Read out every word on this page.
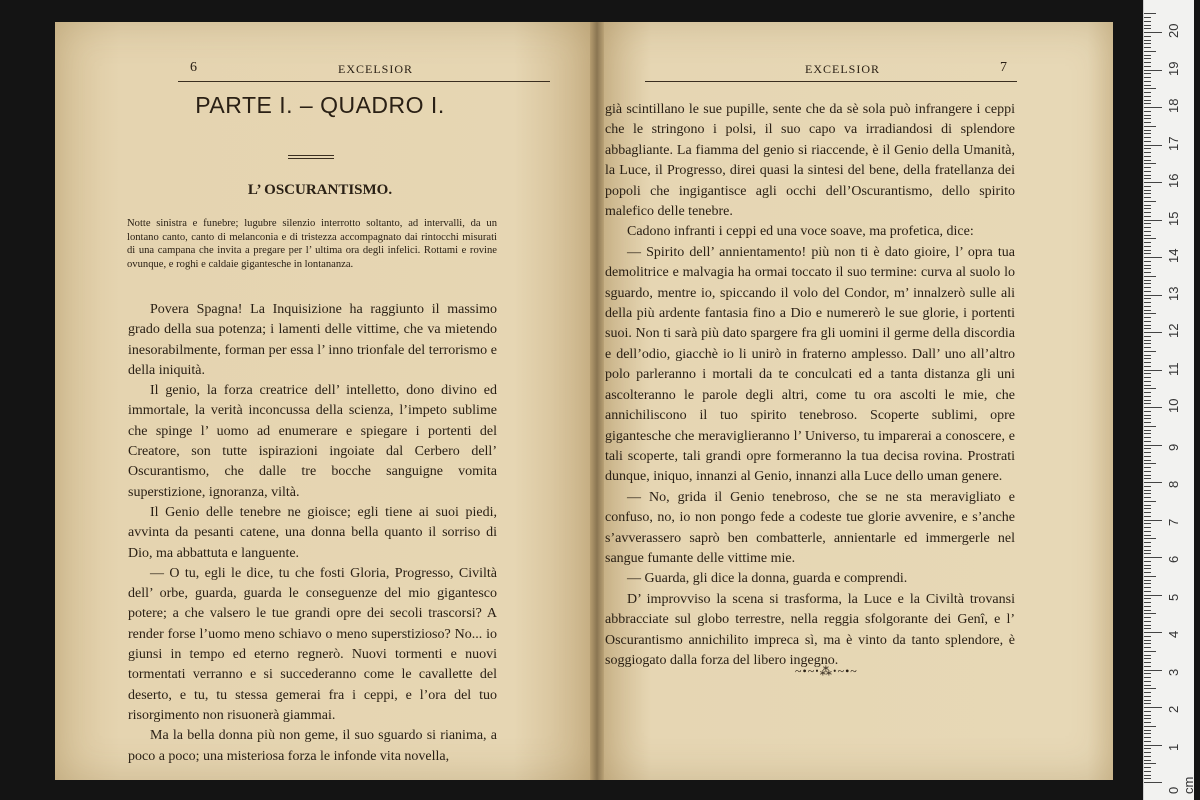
6	EXCELSIOR
PARTE I. – QUADRO I.
L’ OSCURANTISMO.
Notte sinistra e funebre; lugubre silenzio interrotto soltanto, ad intervalli, da un lontano canto, canto di melanconia e di tristezza accompagnato dai rintocchi misurati di una campana che invita a pregare per l’ ultima ora degli infelici. Rottami e rovine ovunque, e roghi e caldaie gigantesche in lontananza.

Povera Spagna! La Inquisizione ha raggiunto il massimo grado della sua potenza; i lamenti delle vittime, che va mietendo inesorabilmente, forman per essa l’ inno trionfale del terrorismo e della iniquità.

Il genio, la forza creatrice dell’ intelletto, dono divino ed immortale, la verità inconcussa della scienza, l’impeto sublime che spinge l’ uomo ad enumerare e spiegare i portenti del Creatore, son tutte ispirazioni ingoiate dal Cerbero dell’ Oscurantismo, che dalle tre bocche sanguigne vomita superstizione, ignoranza, viltà.

Il Genio delle tenebre ne gioisce; egli tiene ai suoi piedi, avvinta da pesanti catene, una donna bella quanto il sorriso di Dio, ma abbattuta e languente.

— O tu, egli le dice, tu che fosti Gloria, Progresso, Civiltà dell’ orbe, guarda, guarda le conseguenze del mio gigantesco potere; a che valsero le tue grandi opre dei secoli trascorsi? A render forse l’uomo meno schiavo o meno superstizioso? No... io giunsi in tempo ed eterno regnerò. Nuovi tormenti e nuovi tormentati verranno e si succederanno come le cavallette del deserto, e tu, tu stessa gemerai fra i ceppi, e l’ora del tuo risorgimento non risuonerà giammai.

Ma la bella donna più non geme, il suo sguardo si rianima, a poco a poco; una misteriosa forza le infonde vita novella,

EXCELSIOR	7

già scintillano le sue pupille, sente che da sè sola può infrangere i ceppi che le stringono i polsi, il suo capo va irradiandosi di splendore abbagliante. La fiamma del genio si riaccende, è il Genio della Umanità, la Luce, il Progresso, direi quasi la sintesi del bene, della fratellanza dei popoli che ingigantisce agli occhi dell’Oscurantismo, dello spirito malefico delle tenebre.

Cadono infranti i ceppi ed una voce soave, ma profetica, dice:

— Spirito dell’ annientamento! più non ti è dato gioire, l’ opra tua demolitrice e malvagia ha ormai toccato il suo termine: curva al suolo lo sguardo, mentre io, spiccando il volo del Condor, m’ innalzerò sulle ali della più ardente fantasia fino a Dio e numererò le sue glorie, i portenti suoi. Non ti sarà più dato spargere fra gli uomini il germe della discordia e dell’odio, giacchè io li unirò in fraterno amplesso. Dall’ uno all’altro polo parleranno i mortali da te conculcati ed a tanta distanza gli uni ascolteranno le parole degli altri, come tu ora ascolti le mie, che annichiliscono il tuo spirito tenebroso. Scoperte sublimi, opre gigantesche che meraviglieranno l’ Universo, tu imparerai a conoscere, e tali scoperte, tali grandi opre formeranno la tua decisa rovina. Prostrati dunque, iniquo, innanzi al Genio, innanzi alla Luce dello uman genere.

— No, grida il Genio tenebroso, che se ne sta meravigliato e confuso, no, io non pongo fede a codeste tue glorie avvenire, e s’anche s’avverassero saprò ben combatterle, annientarle ed immergerle nel sangue fumante delle vittime mie.

— Guarda, gli dice la donna, guarda e comprendi.

D’ improvviso la scena si trasforma, la Luce e la Civiltà trovansi abbracciate sul globo terrestre, nella reggia sfolgorante dei Genî, e l’ Oscurantismo annichilito impreca sì, ma è vinto da tanto splendore, è soggiogato dalla forza del libero ingegno.

~•~ꞏ⁂ꞏ~•~
0 cm
1
2
3
4
5
6
7
8
9
10
11
12
13
14
15
16
17
18
19
20
